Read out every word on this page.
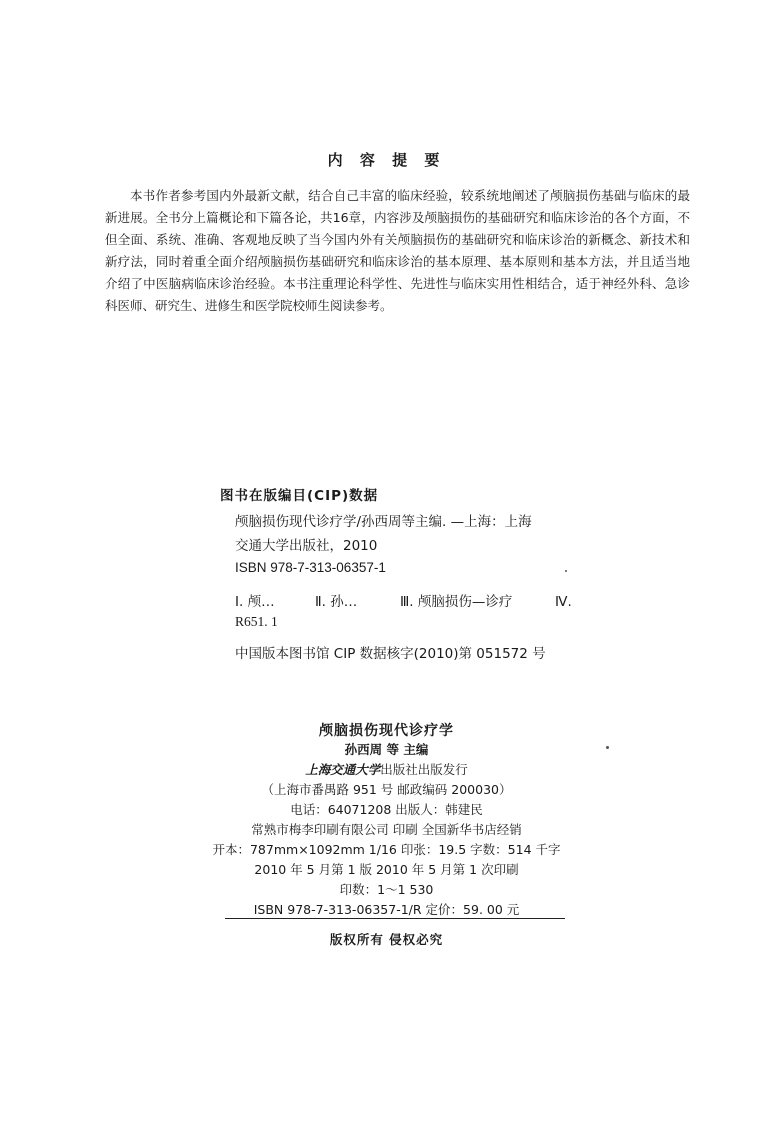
内 容 提 要

本书作者参考国内外最新文献，结合自己丰富的临床经验，较系统地阐述了颅脑损伤基础与临床的最新进展。全书分上篇概论和下篇各论，共16章，内容涉及颅脑损伤的基础研究和临床诊治的各个方面，不但全面、系统、准确、客观地反映了当今国内外有关颅脑损伤的基础研究和临床诊治的新概念、新技术和新疗法，同时着重全面介绍颅脑损伤基础研究和临床诊治的基本原理、基本原则和基本方法，并且适当地介绍了中医脑病临床诊治经验。本书注重理论科学性、先进性与临床实用性相结合，适于神经外科、急诊科医师、研究生、进修生和医学院校师生阅读参考。

图书在版编目(CIP)数据
颅脑损伤现代诊疗学/孙西周等主编. —上海：上海
交通大学出版社，2010
ISBN 978-7-313-06357-1
Ⅰ. 颅…	Ⅱ. 孙…	Ⅲ. 颅脑损伤—诊疗	Ⅳ.
R651. 1
中国版本图书馆 CIP 数据核字(2010)第 051572 号
颅脑损伤现代诊疗学
孙西周 等 主编
上海交通大学出版社出版发行
（上海市番禺路 951 号 邮政编码 200030）
电话：64071208 出版人：韩建民
常熟市梅李印刷有限公司 印刷 全国新华书店经销
开本：787mm×1092mm 1/16 印张：19.5 字数：514 千字
2010 年 5 月第 1 版 2010 年 5 月第 1 次印刷
印数：1～1 530
ISBN 978-7-313-06357-1/R 定价：59. 00 元
版权所有 侵权必究
